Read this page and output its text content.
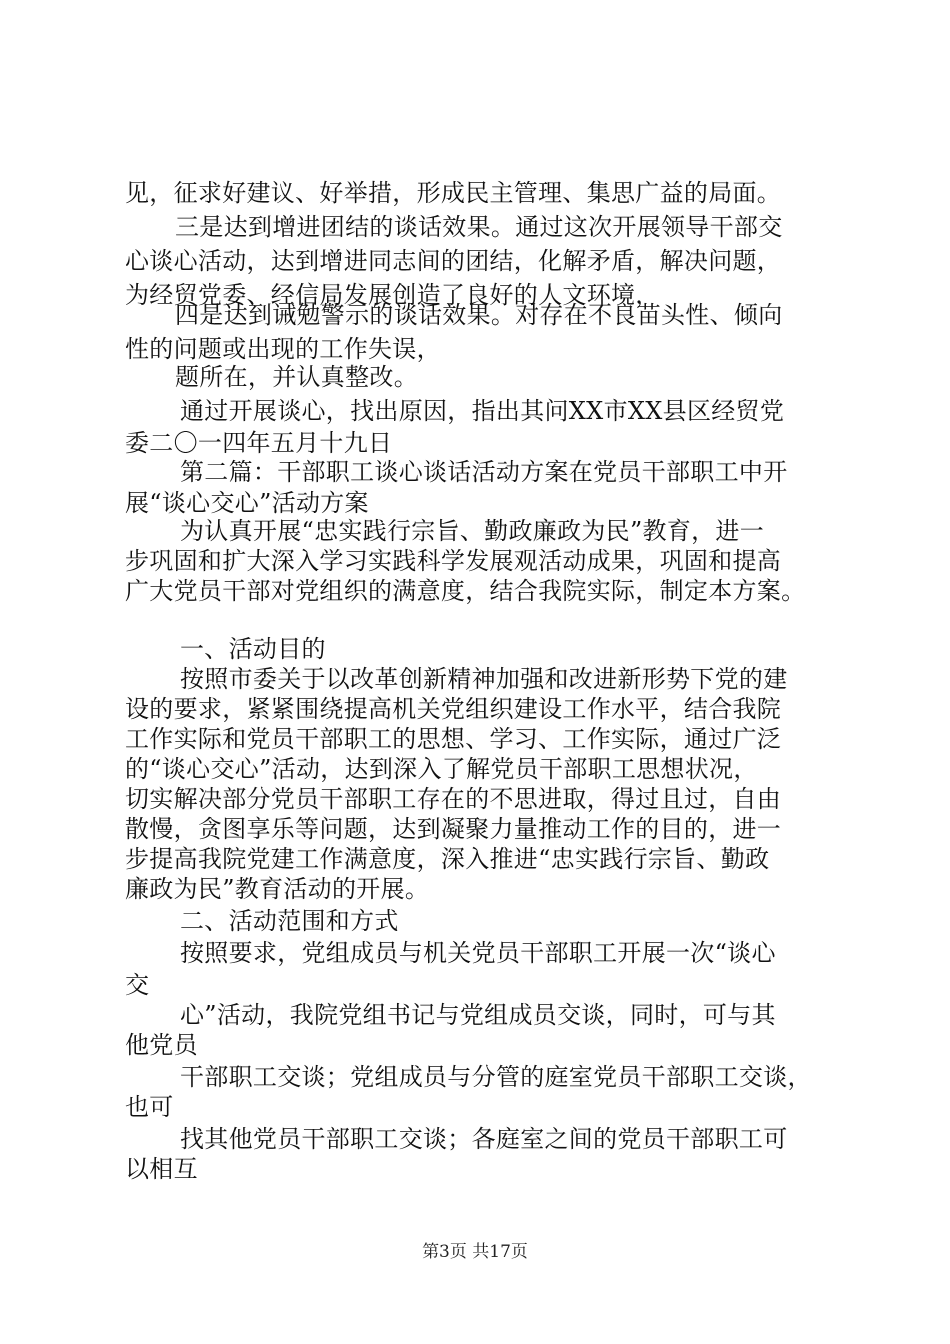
见，征求好建议、好举措，形成民主管理、集思广益的局面。
三是达到增进团结的谈话效果。通过这次开展领导干部交
心谈心活动，达到增进同志间的团结，化解矛盾，解决问题，
为经贸党委、经信局发展创造了良好的人文环境，
四是达到诫勉警示的谈话效果。对存在不良苗头性、倾向
性的问题或出现的工作失误，
题所在，并认真整改。
通过开展谈心，找出原因，指出其问XX市XX县区经贸党
委二〇一四年五月十九日
第二篇：干部职工谈心谈话活动方案在党员干部职工中开
展“谈心交心”活动方案
为认真开展“忠实践行宗旨、勤政廉政为民”教育，进一
步巩固和扩大深入学习实践科学发展观活动成果，巩固和提高
广大党员干部对党组织的满意度，结合我院实际，制定本方案。
一、活动目的
按照市委关于以改革创新精神加强和改进新形势下党的建
设的要求，紧紧围绕提高机关党组织建设工作水平，结合我院
工作实际和党员干部职工的思想、学习、工作实际，通过广泛
的“谈心交心”活动，达到深入了解党员干部职工思想状况，
切实解决部分党员干部职工存在的不思进取，得过且过，自由
散慢，贪图享乐等问题，达到凝聚力量推动工作的目的，进一
步提高我院党建工作满意度，深入推进“忠实践行宗旨、勤政
廉政为民”教育活动的开展。
二、活动范围和方式
按照要求，党组成员与机关党员干部职工开展一次“谈心
交
心”活动，我院党组书记与党组成员交谈，同时，可与其
他党员
干部职工交谈；党组成员与分管的庭室党员干部职工交谈，
也可
找其他党员干部职工交谈；各庭室之间的党员干部职工可
以相互
第3页 共17页
